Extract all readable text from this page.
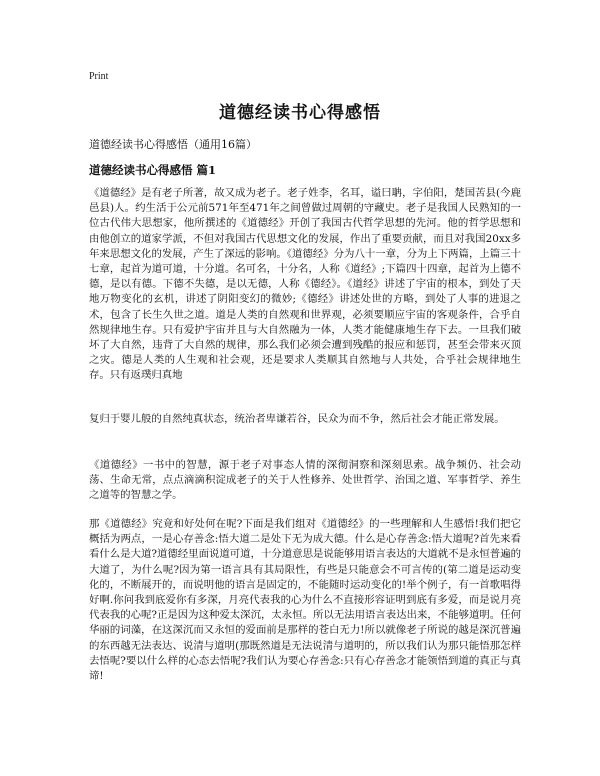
Print
道德经读书心得感悟
道德经读书心得感悟（通用16篇）
道德经读书心得感悟 篇1

《道德经》是有老子所著，故又成为老子。老子姓李，名耳，谥曰聃，字伯阳，楚国苦县(今鹿邑县)人。约生活于公元前571年至471年之间曾做过周朝的守藏史。老子是我国人民熟知的一位古代伟大思想家，他所撰述的《道德经》开创了我国古代哲学思想的先河。他的哲学思想和由他创立的道家学派，不但对我国古代思想文化的发展，作出了重要贡献，而且对我国20xx多年来思想文化的发展，产生了深远的影响。《道德经》分为八十一章，分为上下两篇，上篇三十七章，起首为道可道，十分道。名可名，十分名，人称《道经》;下篇四十四章，起首为上德不德，是以有德。下德不失德，是以无德，人称《德经》。《道经》讲述了宇宙的根本，到处了天地万物变化的玄机，讲述了阴阳变幻的微妙;《德经》讲述处世的方略，到处了人事的进退之术，包含了长生久世之道。道是人类的自然观和世界观，必须要顺应宇宙的客观条件，合乎自然规律地生存。只有爱护宇宙并且与大自然融为一体，人类才能健康地生存下去。一旦我们破坏了大自然，违背了大自然的规律，那么我们必须会遭到残酷的报应和惩罚，甚至会带来灭顶之灾。德是人类的人生观和社会观，还是要求人类顺其自然地与人共处，合乎社会规律地生存。只有返璞归真地

复归于婴儿般的自然纯真状态，统治者卑谦若谷，民众为而不争，然后社会才能正常发展。

《道德经》一书中的智慧，源于老子对事态人情的深彻洞察和深刻思索。战争频仍、社会动荡、生命无常，点点滴滴积淀成老子的关于人性修养、处世哲学、治国之道、军事哲学、养生之道等的智慧之学。

那《道德经》究竟和好处何在呢?下面是我们组对《道德经》的一些理解和人生感悟!我们把它概括为两点，一是心存善念:悟大道二是处下无为成大德。什么是心存善念:悟大道呢?首先来看看什么是大道?道德经里面说道可道，十分道意思是说能够用语言表达的大道就不是永恒普遍的大道了，为什么呢?因为第一语言具有其局限性，有些是只能意会不可言传的(第二道是运动变化的，不断展开的，而说明他的语言是固定的，不能随时运动变化的!举个例子，有一首歌唱得好啊.你问我到底爱你有多深，月亮代表我的心为什么不直接形容证明到底有多爱，而是说月亮代表我的心呢?正是因为这种爱太深沉，太永恒。所以无法用语言表达出来，不能够道明。任何华丽的词藻，在这深沉而又永恒的爱面前是那样的苍白无力!所以就像老子所说的越是深沉普遍的东西越无法表达、说清与道明(那既然道是无法说清与道明的，所以我们认为那只能悟那怎样去悟呢?要以什么样的心态去悟呢?我们认为要心存善念:只有心存善念才能领悟到道的真正与真谛!
